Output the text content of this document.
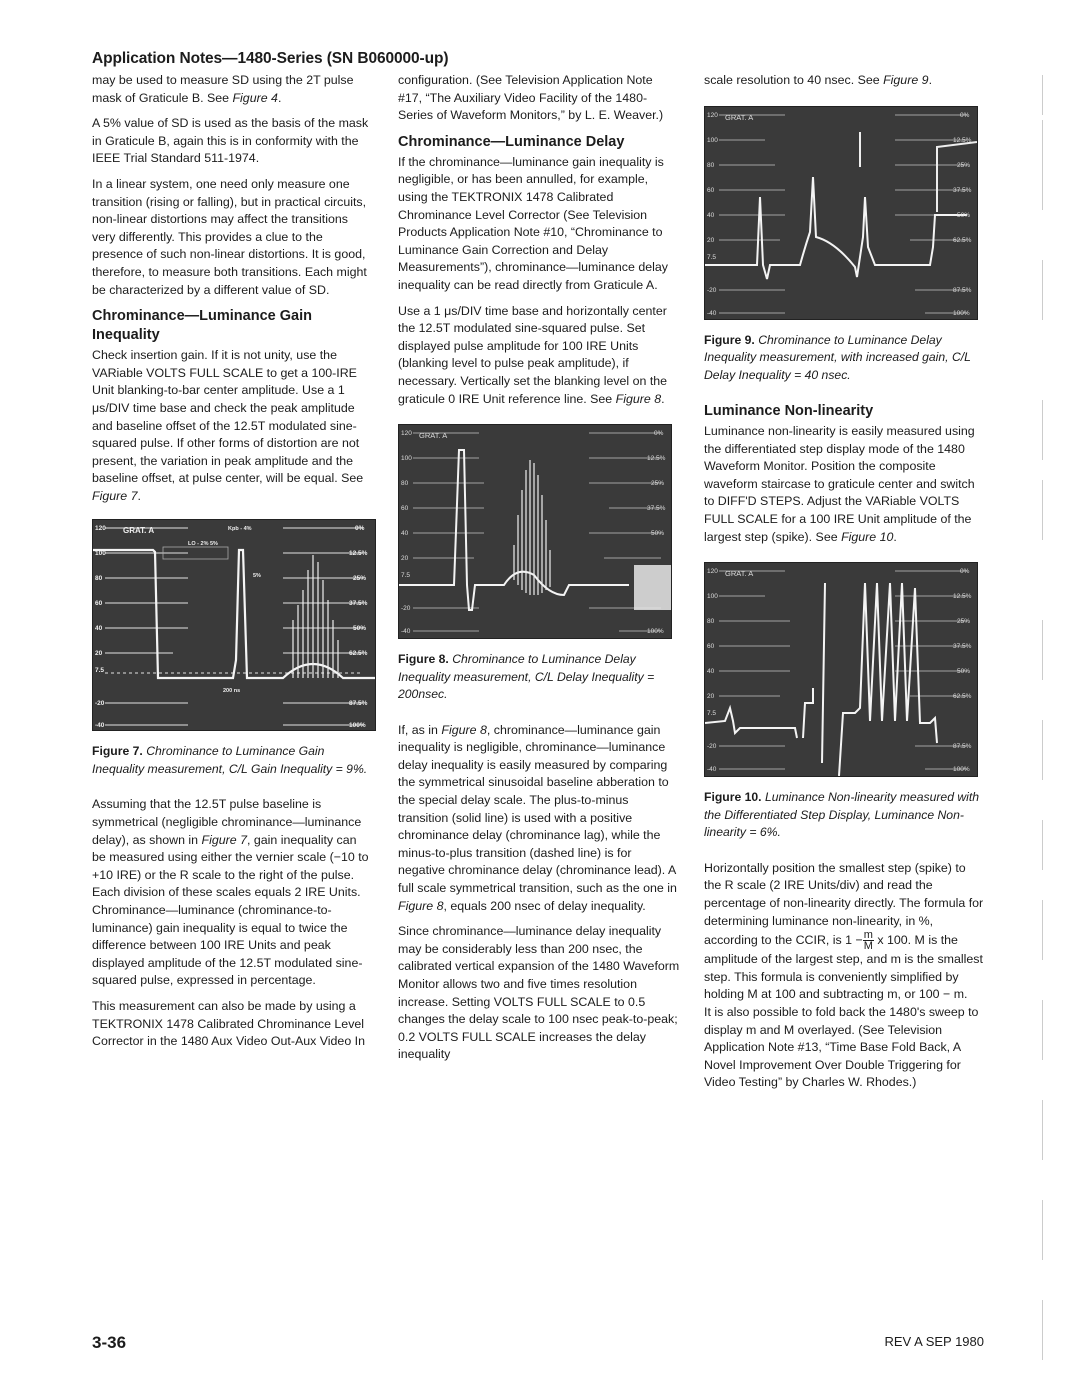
Application Notes—1480-Series (SN B060000-up)

may be used to measure SD using the 2T pulse mask of Graticule B. See Figure 4.

A 5% value of SD is used as the basis of the mask in Graticule B, again this is in conformity with the IEEE Trial Standard 511-1974.

In a linear system, one need only measure one transition (rising or falling), but in practical circuits, non-linear distortions may affect the transitions very differently. This provides a clue to the presence of such non-linear distortions. It is good, therefore, to measure both transitions. Each might be characterized by a different value of SD.

Chrominance—Luminance Gain Inequality

Check insertion gain. If it is not unity, use the VARiable VOLTS FULL SCALE to get a 100-IRE Unit blanking-to-bar center amplitude. Use a 1 μs/DIV time base and check the peak amplitude and baseline offset of the 12.5T modulated sine-squared pulse. If other forms of distortion are not present, the variation in peak amplitude and the baseline offset, at pulse center, will be equal. See Figure 7.

GRAT. A
120
100
80
60
40
20
7.5
-20
-40
0%
12.5%
25%
37.5%
50%
62.5%
87.5%
100%
LO - 2% 5%
Kpb - 4%
5%
200 ns
Figure 7. Chrominance to Luminance Gain Inequality measurement, C/L Gain Inequality = 9%.

Assuming that the 12.5T pulse baseline is symmetrical (negligible chrominance—luminance delay), as shown in Figure 7, gain inequality can be measured using either the vernier scale (−10 to +10 IRE) or the R scale to the right of the pulse. Each division of these scales equals 2 IRE Units. Chrominance—luminance (chrominance-to-luminance) gain inequality is equal to twice the difference between 100 IRE Units and peak displayed amplitude of the 12.5T modulated sine-squared pulse, expressed in percentage.

This measurement can also be made by using a TEKTRONIX 1478 Calibrated Chrominance Level Corrector in the 1480 Aux Video Out-Aux Video In

configuration. (See Television Application Note #17, “The Auxiliary Video Facility of the 1480-Series of Waveform Monitors,” by L. E. Weaver.)

Chrominance—Luminance Delay

If the chrominance—luminance gain inequality is negligible, or has been annulled, for example, using the TEKTRONIX 1478 Calibrated Chrominance Level Corrector (See Television Products Application Note #10, “Chrominance to Luminance Gain Correction and Delay Measurements”), chrominance—luminance delay inequality can be read directly from Graticule A.

Use a 1 μs/DIV time base and horizontally center the 12.5T modulated sine-squared pulse. Set displayed pulse amplitude for 100 IRE Units (blanking level to pulse peak amplitude), if necessary. Vertically set the blanking level on the graticule 0 IRE Unit reference line. See Figure 8.

GRAT. A
120
100
80
60
40
20
7.5
-20
-40
0%
12.5%
25%
37.5%
50%
100%
Figure 8. Chrominance to Luminance Delay Inequality measurement, C/L Delay Inequality = 200nsec.

If, as in Figure 8, chrominance—luminance gain inequality is negligible, chrominance—luminance delay inequality is easily measured by comparing the symmetrical sinusoidal baseline abberation to the special delay scale. The plus-to-minus transition (solid line) is used with a positive chrominance delay (chrominance lag), while the minus-to-plus transition (dashed line) is for negative chrominance delay (chrominance lead). A full scale symmetrical transition, such as the one in Figure 8, equals 200 nsec of delay inequality.

Since chrominance—luminance delay inequality may be considerably less than 200 nsec, the calibrated vertical expansion of the 1480 Waveform Monitor allows two and five times resolution increase. Setting VOLTS FULL SCALE to 0.5 changes the delay scale to 100 nsec peak-to-peak; 0.2 VOLTS FULL SCALE increases the delay inequality

scale resolution to 40 nsec. See Figure 9.

GRAT. A
120
100
80
60
40
20
7.5
-20
-40
0%
12.5%
25%
37.5%
50%
62.5%
87.5%
100%
Figure 9. Chrominance to Luminance Delay Inequality measurement, with increased gain, C/L Delay Inequality = 40 nsec.
Luminance Non-linearity

Luminance non-linearity is easily measured using the differentiated step display mode of the 1480 Waveform Monitor. Position the composite waveform staircase to graticule center and switch to DIFF'D STEPS. Adjust the VARiable VOLTS FULL SCALE for a 100 IRE Unit amplitude of the largest step (spike). See Figure 10.

GRAT. A
120
100
80
60
40
20
7.5
-20
-40
0%
12.5%
25%
37.5%
50%
62.5%
87.5%
100%
Figure 10. Luminance Non-linearity measured with the Differentiated Step Display, Luminance Non-linearity = 6%.

Horizontally position the smallest step (spike) to the R scale (2 IRE Units/div) and read the percentage of non-linearity directly. The formula for determining luminance non-linearity, in %, according to the CCIR, is $1 - \frac{m}{M}$ x 100. M is the amplitude of the largest step, and m is the smallest step. This formula is conveniently simplified by holding M at 100 and subtracting m, or 100 − m.

It is also possible to fold back the 1480's sweep to display m and M overlayed. (See Television Application Note #13, “Time Base Fold Back, A Novel Improvement Over Double Triggering for Video Testing” by Charles W. Rhodes.)

3-36	REV A SEP 1980
